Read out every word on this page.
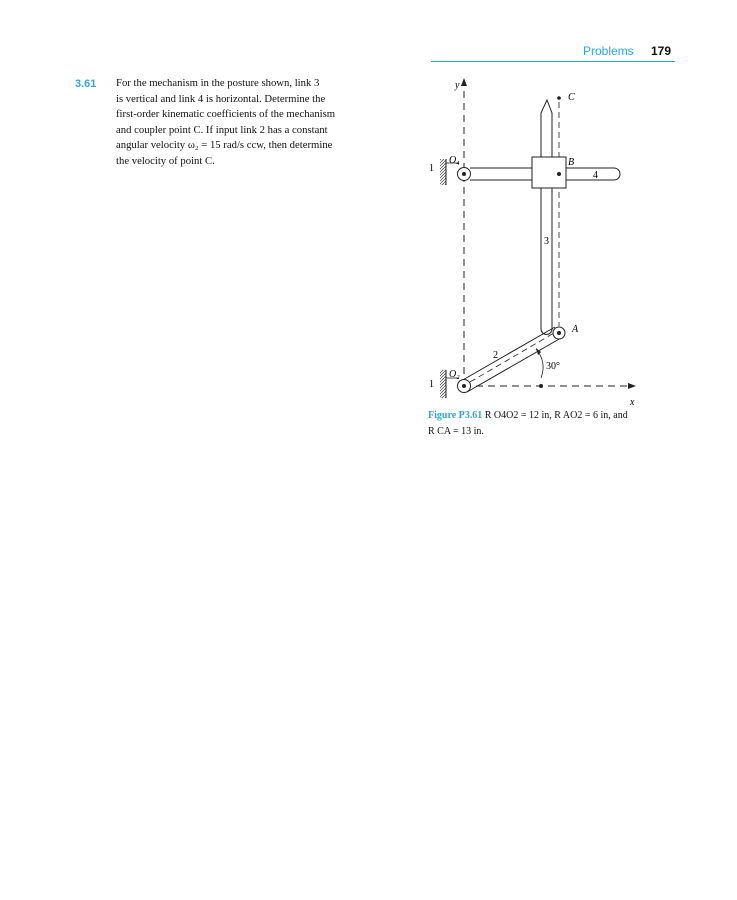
Problems 179
3.61 For the mechanism in the posture shown, link 3
is vertical and link 4 is horizontal. Determine the
first-order kinematic coefficients of the mechanism
and coupler point C. If input link 2 has a constant
angular velocity ω₂ = 15 rad/s ccw, then determine
the velocity of point C.
y
x
C
B
A
O₄
O₂
1
1
2
3
4
30°
Figure P3.61 R O4O2 = 12 in, R AO2 = 6 in, and
R CA = 13 in.
